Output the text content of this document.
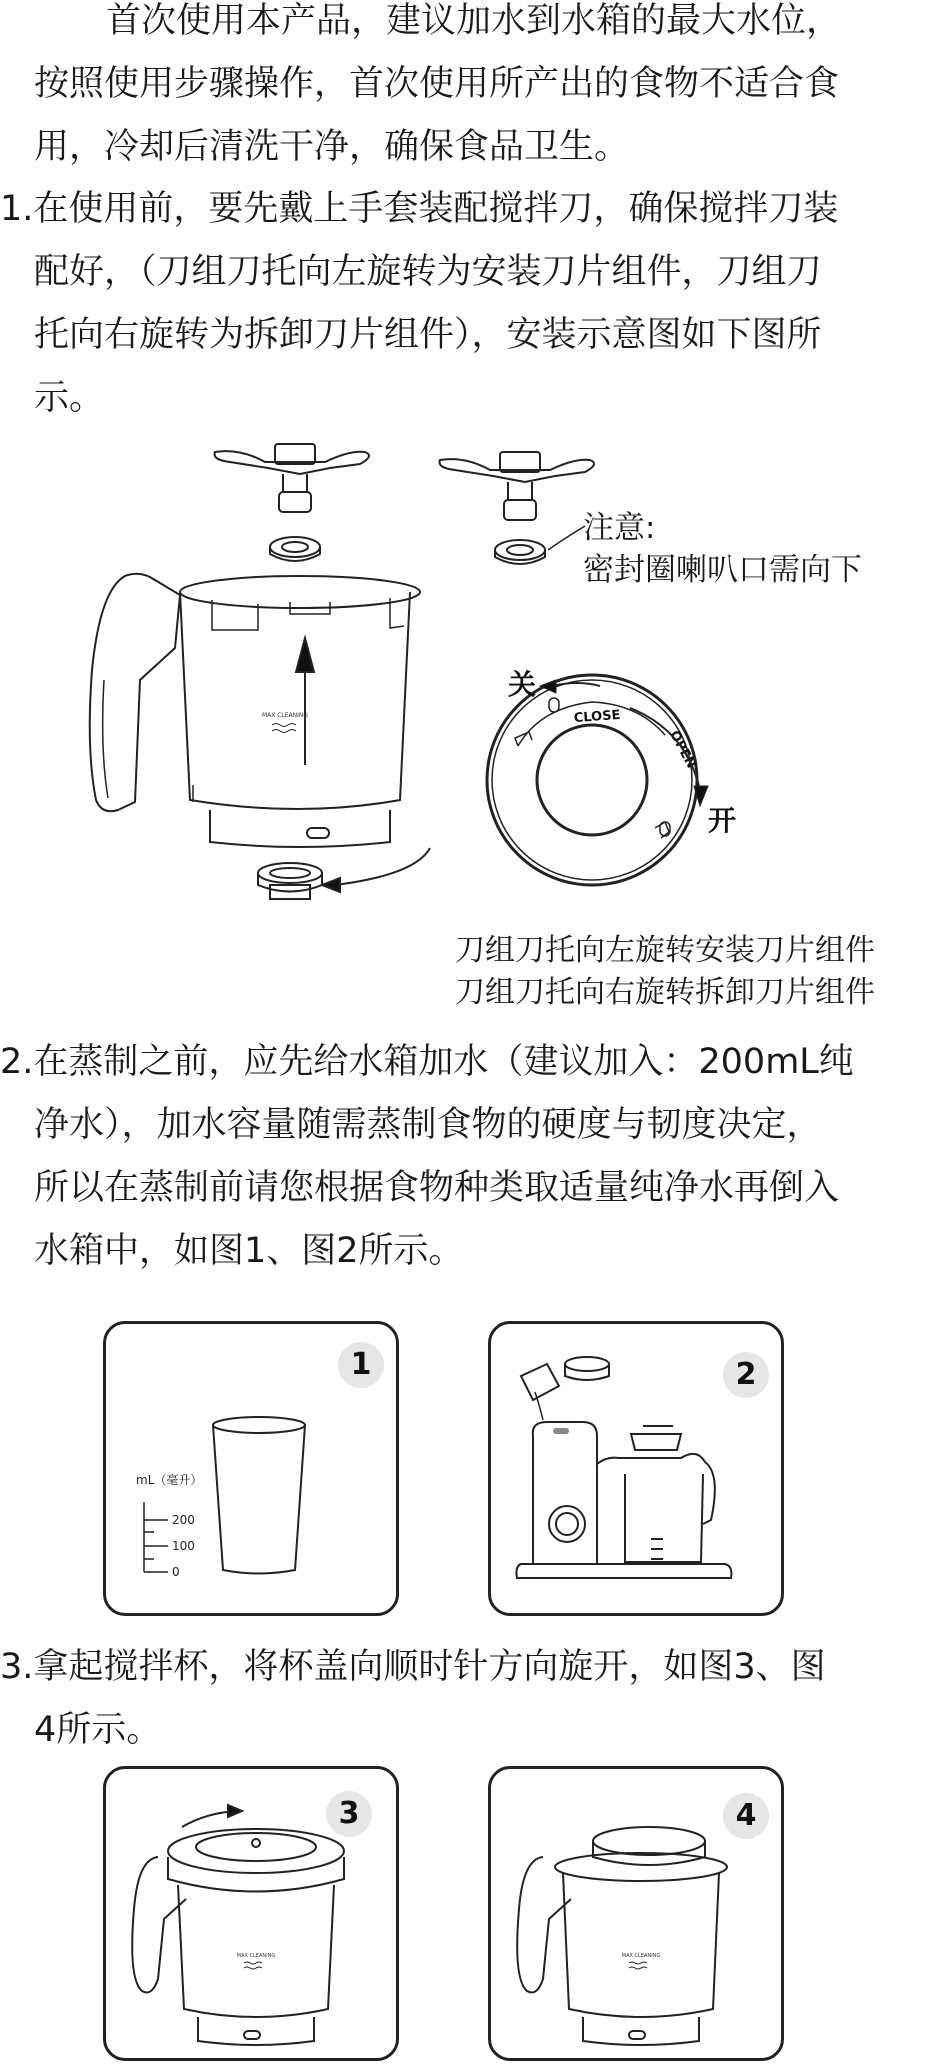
首次使用本产品，建议加水到水箱的最大水位，
按照使用步骤操作，首次使用所产出的食物不适合食
用，冷却后清洗干净，确保食品卫生。
1.在使用前，要先戴上手套装配搅拌刀，确保搅拌刀装
配好，（刀组刀托向左旋转为安装刀片组件，刀组刀
托向右旋转为拆卸刀片组件），安装示意图如下图所
示。
MAX CLEANING	CLOSE
OPEN
关
开
注意:
密封圈喇叭口需向下
刀组刀托向左旋转安装刀片组件
刀组刀托向右旋转拆卸刀片组件
2.在蒸制之前，应先给水箱加水（建议加入：200mL纯
净水），加水容量随需蒸制食物的硬度与韧度决定，
所以在蒸制前请您根据食物种类取适量纯净水再倒入
水箱中，如图1、图2所示。
1
mL（毫升）
200
100
0
2
3.拿起搅拌杯，将杯盖向顺时针方向旋开，如图3、图
4所示。
3
MAX CLEANING
4
MAX CLEANING
